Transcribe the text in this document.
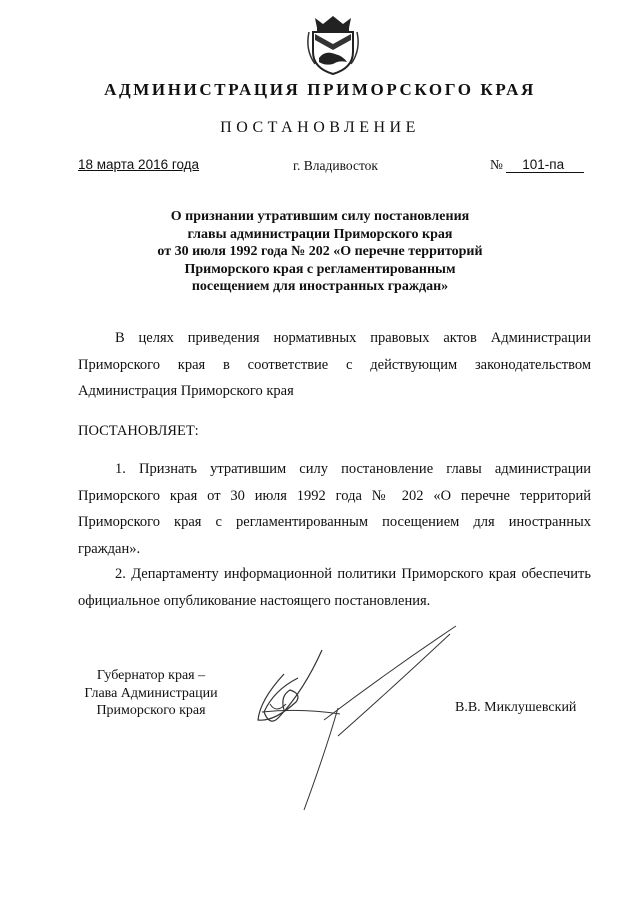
АДМИНИСТРАЦИЯ ПРИМОРСКОГО КРАЯ
ПОСТАНОВЛЕНИЕ
18 марта 2016 года	г. Владивосток	№ 101-па
О признании утратившим силу постановления
главы администрации Приморского края
от 30 июля 1992 года № 202 «О перечне территорий
Приморского края с регламентированным
посещением для иностранных граждан»
В целях приведения нормативных правовых актов Администрации Приморского края в соответствие с действующим законодательством Администрация Приморского края
ПОСТАНОВЛЯЕТ:
1. Признать утратившим силу постановление главы администрации Приморского края от 30 июля 1992 года № 202 «О перечне территорий Приморского края с регламентированным посещением для иностранных граждан».
2. Департаменту информационной политики Приморского края обеспечить официальное опубликование настоящего постановления.
Губернатор края –
Глава Администрации
Приморского края	В.В. Миклушевский
